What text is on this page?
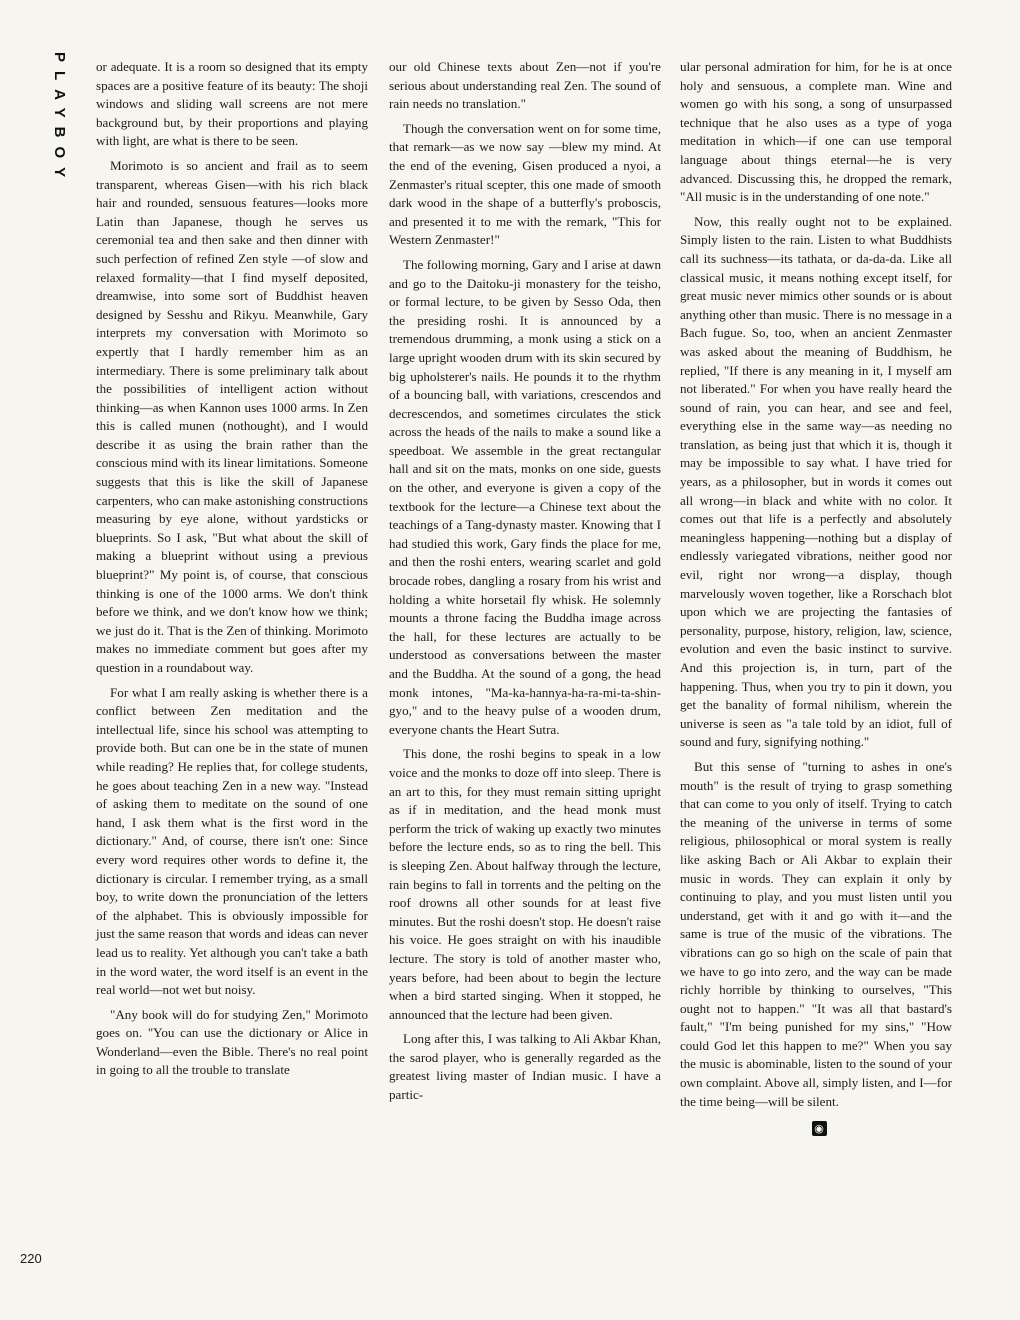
PLAYBOY
220

or adequate. It is a room so designed that its empty spaces are a positive feature of its beauty: The shoji windows and sliding wall screens are not mere background but, by their proportions and playing with light, are what is there to be seen.

Morimoto is so ancient and frail as to seem transparent, whereas Gisen—with his rich black hair and rounded, sensuous features—looks more Latin than Japanese, though he serves us ceremonial tea and then sake and then dinner with such perfection of refined Zen style —of slow and relaxed formality—that I find myself deposited, dreamwise, into some sort of Buddhist heaven designed by Sesshu and Rikyu. Meanwhile, Gary interprets my conversation with Morimoto so expertly that I hardly remember him as an intermediary. There is some preliminary talk about the possibilities of intelligent action without thinking—as when Kannon uses 1000 arms. In Zen this is called munen (nothought), and I would describe it as using the brain rather than the conscious mind with its linear limitations. Someone suggests that this is like the skill of Japanese carpenters, who can make astonishing constructions measuring by eye alone, without yardsticks or blueprints. So I ask, "But what about the skill of making a blueprint without using a previous blueprint?" My point is, of course, that conscious thinking is one of the 1000 arms. We don't think before we think, and we don't know how we think; we just do it. That is the Zen of thinking. Morimoto makes no immediate comment but goes after my question in a roundabout way.

For what I am really asking is whether there is a conflict between Zen meditation and the intellectual life, since his school was attempting to provide both. But can one be in the state of munen while reading? He replies that, for college students, he goes about teaching Zen in a new way. "Instead of asking them to meditate on the sound of one hand, I ask them what is the first word in the dictionary." And, of course, there isn't one: Since every word requires other words to define it, the dictionary is circular. I remember trying, as a small boy, to write down the pronunciation of the letters of the alphabet. This is obviously impossible for just the same reason that words and ideas can never lead us to reality. Yet although you can't take a bath in the word water, the word itself is an event in the real world—not wet but noisy.

"Any book will do for studying Zen," Morimoto goes on. "You can use the dictionary or Alice in Wonderland—even the Bible. There's no real point in going to all the trouble to translate

our old Chinese texts about Zen—not if you're serious about understanding real Zen. The sound of rain needs no translation."

Though the conversation went on for some time, that remark—as we now say —blew my mind. At the end of the evening, Gisen produced a nyoi, a Zenmaster's ritual scepter, this one made of smooth dark wood in the shape of a butterfly's proboscis, and presented it to me with the remark, "This for Western Zenmaster!"

The following morning, Gary and I arise at dawn and go to the Daitoku-ji monastery for the teisho, or formal lecture, to be given by Sesso Oda, then the presiding roshi. It is announced by a tremendous drumming, a monk using a stick on a large upright wooden drum with its skin secured by big upholsterer's nails. He pounds it to the rhythm of a bouncing ball, with variations, crescendos and decrescendos, and sometimes circulates the stick across the heads of the nails to make a sound like a speedboat. We assemble in the great rectangular hall and sit on the mats, monks on one side, guests on the other, and everyone is given a copy of the textbook for the lecture—a Chinese text about the teachings of a Tang-dynasty master. Knowing that I had studied this work, Gary finds the place for me, and then the roshi enters, wearing scarlet and gold brocade robes, dangling a rosary from his wrist and holding a white horsetail fly whisk. He solemnly mounts a throne facing the Buddha image across the hall, for these lectures are actually to be understood as conversations between the master and the Buddha. At the sound of a gong, the head monk intones, "Ma-ka-hannya-ha-ra-mi-ta-shin-gyo," and to the heavy pulse of a wooden drum, everyone chants the Heart Sutra.

This done, the roshi begins to speak in a low voice and the monks to doze off into sleep. There is an art to this, for they must remain sitting upright as if in meditation, and the head monk must perform the trick of waking up exactly two minutes before the lecture ends, so as to ring the bell. This is sleeping Zen. About halfway through the lecture, rain begins to fall in torrents and the pelting on the roof drowns all other sounds for at least five minutes. But the roshi doesn't stop. He doesn't raise his voice. He goes straight on with his inaudible lecture. The story is told of another master who, years before, had been about to begin the lecture when a bird started singing. When it stopped, he announced that the lecture had been given.

Long after this, I was talking to Ali Akbar Khan, the sarod player, who is generally regarded as the greatest living master of Indian music. I have a partic-

ular personal admiration for him, for he is at once holy and sensuous, a complete man. Wine and women go with his song, a song of unsurpassed technique that he also uses as a type of yoga meditation in which—if one can use temporal language about things eternal—he is very advanced. Discussing this, he dropped the remark, "All music is in the understanding of one note."

Now, this really ought not to be explained. Simply listen to the rain. Listen to what Buddhists call its suchness—its tathata, or da-da-da. Like all classical music, it means nothing except itself, for great music never mimics other sounds or is about anything other than music. There is no message in a Bach fugue. So, too, when an ancient Zenmaster was asked about the meaning of Buddhism, he replied, "If there is any meaning in it, I myself am not liberated." For when you have really heard the sound of rain, you can hear, and see and feel, everything else in the same way—as needing no translation, as being just that which it is, though it may be impossible to say what. I have tried for years, as a philosopher, but in words it comes out all wrong—in black and white with no color. It comes out that life is a perfectly and absolutely meaningless happening—nothing but a display of endlessly variegated vibrations, neither good nor evil, right nor wrong—a display, though marvelously woven together, like a Rorschach blot upon which we are projecting the fantasies of personality, purpose, history, religion, law, science, evolution and even the basic instinct to survive. And this projection is, in turn, part of the happening. Thus, when you try to pin it down, you get the banality of formal nihilism, wherein the universe is seen as "a tale told by an idiot, full of sound and fury, signifying nothing."

But this sense of "turning to ashes in one's mouth" is the result of trying to grasp something that can come to you only of itself. Trying to catch the meaning of the universe in terms of some religious, philosophical or moral system is really like asking Bach or Ali Akbar to explain their music in words. They can explain it only by continuing to play, and you must listen until you understand, get with it and go with it—and the same is true of the music of the vibrations. The vibrations can go so high on the scale of pain that we have to go into zero, and the way can be made richly horrible by thinking to ourselves, "This ought not to happen." "It was all that bastard's fault," "I'm being punished for my sins," "How could God let this happen to me?" When you say the music is abominable, listen to the sound of your own complaint. Above all, simply listen, and I—for the time being—will be silent.

◉
